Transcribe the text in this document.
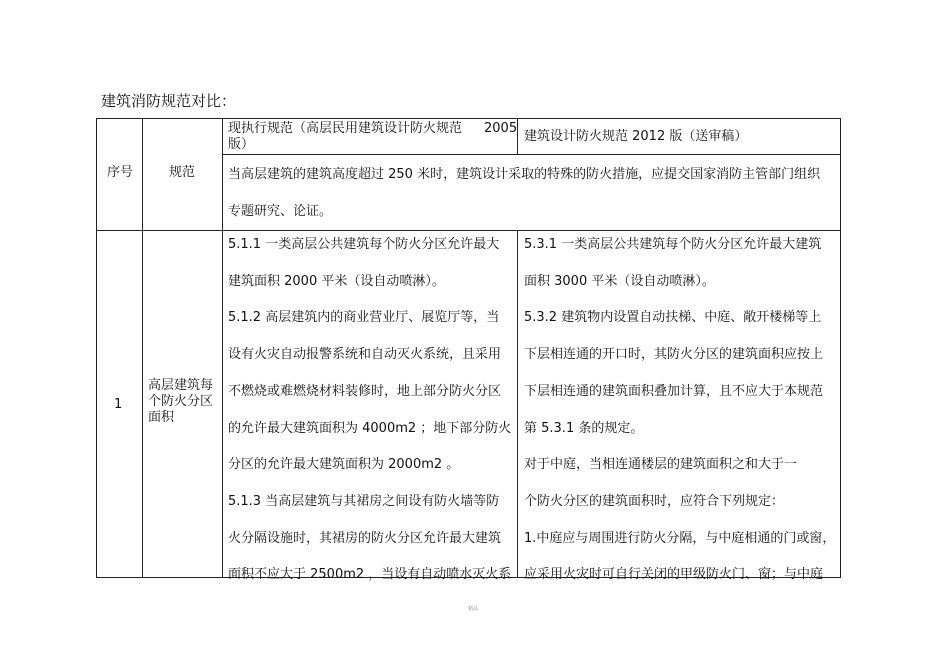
建筑消防规范对比：
序号	规范
现执行规范（高层民用建筑设计防火规范 2005
版）
建筑设计防火规范 2012 版（送审稿）
当高层建筑的建筑高度超过 250 米时，建筑设计采取的特殊的防火措施，应提交国家消防主管部门组织
专题研究、论证。
1
高层建筑每
个防火分区
面积
5.1.1 一类高层公共建筑每个防火分区允许最大
建筑面积 2000 平米（设自动喷淋）。
5.1.2 高层建筑内的商业营业厅、展览厅等，当
设有火灾自动报警系统和自动灭火系统，且采用
不燃烧或难燃烧材料装修时，地上部分防火分区
的允许最大建筑面积为 4000m2 ；地下部分防火
分区的允许最大建筑面积为 2000m2 。
5.1.3 当高层建筑与其裙房之间设有防火墙等防
火分隔设施时，其裙房的防火分区允许最大建筑
面积不应大于 2500m2 ，当设有自动喷水灭火系
5.3.1 一类高层公共建筑每个防火分区允许最大建筑
面积 3000 平米（设自动喷淋）。
5.3.2 建筑物内设置自动扶梯、中庭、敞开楼梯等上
下层相连通的开口时，其防火分区的建筑面积应按上
下层相连通的建筑面积叠加计算，且不应大于本规范
第 5.3.1 条的规定。
对于中庭，当相连通楼层的建筑面积之和大于一
个防火分区的建筑面积时，应符合下列规定：
1.中庭应与周围进行防火分隔，与中庭相通的门或窗，
应采用火灾时可自行关闭的甲级防火门、窗；与中庭
精品
